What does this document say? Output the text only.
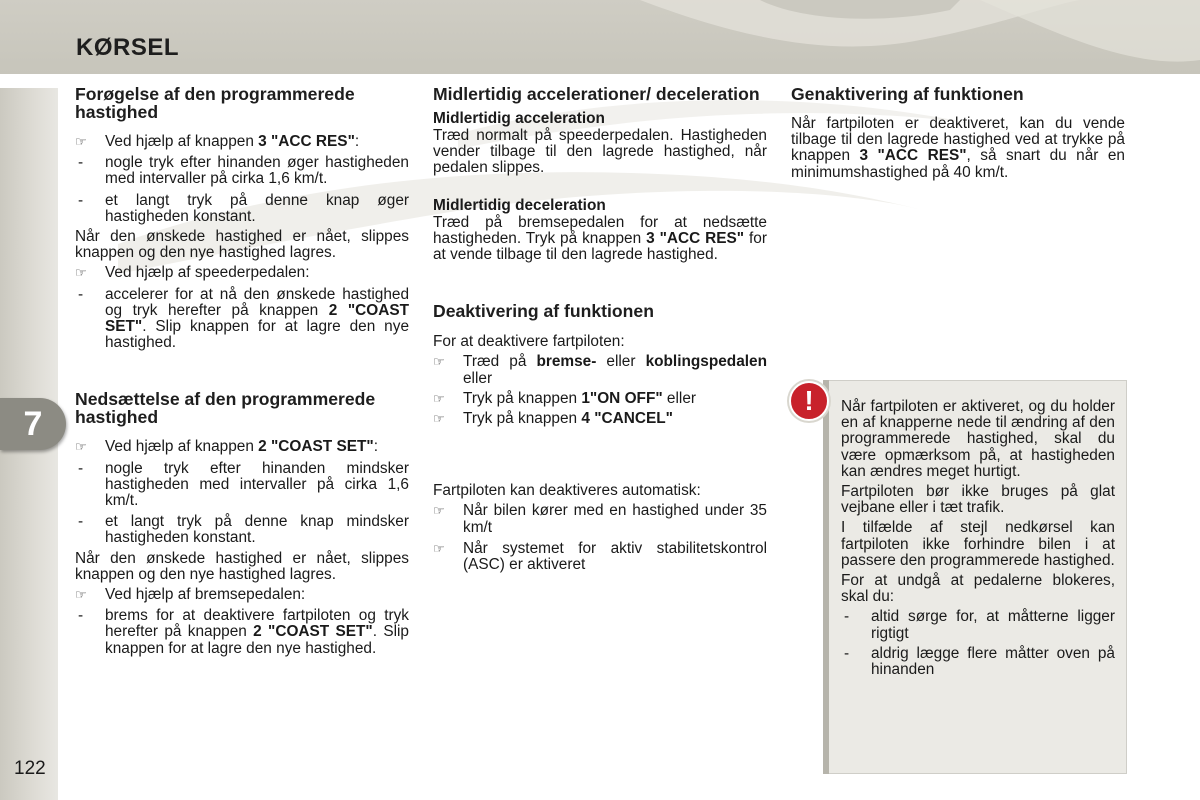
KØRSEL
7
122
Forøgelse af den programmerede hastighed

☞ Ved hjælp af knappen 3 "ACC RES":

- nogle tryk efter hinanden øger hastigheden med intervaller på cirka 1,6 km/t.

- et langt tryk på denne knap øger hastigheden konstant.

Når den ønskede hastighed er nået, slippes knappen og den nye hastighed lagres.

☞ Ved hjælp af speederpedalen:

- accelerer for at nå den ønskede hastighed og tryk herefter på knappen 2 "COAST SET". Slip knappen for at lagre den nye hastighed.

Nedsættelse af den programmerede hastighed

☞ Ved hjælp af knappen 2 "COAST SET":

- nogle tryk efter hinanden mindsker hastigheden med intervaller på cirka 1,6 km/t.

- et langt tryk på denne knap mindsker hastigheden konstant.

Når den ønskede hastighed er nået, slippes knappen og den nye hastighed lagres.

☞ Ved hjælp af bremsepedalen:

- brems for at deaktivere fartpiloten og tryk herefter på knappen 2 "COAST SET". Slip knappen for at lagre den nye hastighed.

Midlertidig accelerationer/ deceleration
Midlertidig acceleration

Træd normalt på speederpedalen. Hastigheden vender tilbage til den lagrede hastighed, når pedalen slippes.

Midlertidig deceleration

Træd på bremsepedalen for at nedsætte hastigheden. Tryk på knappen 3 "ACC RES" for at vende tilbage til den lagrede hastighed.

Deaktivering af funktionen

For at deaktivere fartpiloten:

☞ Træd på bremse- eller koblingspedalen eller

☞ Tryk på knappen 1"ON OFF" eller

☞ Tryk på knappen 4 "CANCEL"

Fartpiloten kan deaktiveres automatisk:

☞ Når bilen kører med en hastighed under 35 km/t

☞ Når systemet for aktiv stabilitetskontrol (ASC) er aktiveret

Genaktivering af funktionen

Når fartpiloten er deaktiveret, kan du vende tilbage til den lagrede hastighed ved at trykke på knappen 3 "ACC RES", så snart du når en minimumshastighed på 40 km/t.

!	Når fartpiloten er aktiveret, og du holder en af knapperne nede til ændring af den programmerede hastighed, skal du være opmærksom på, at hastigheden kan ændres meget hurtigt.

Fartpiloten bør ikke bruges på glat vejbane eller i tæt trafik.

I tilfælde af stejl nedkørsel kan fartpiloten ikke forhindre bilen i at passere den programmerede hastighed.

For at undgå at pedalerne blokeres, skal du:

- altid sørge for, at måtterne ligger rigtigt

- aldrig lægge flere måtter oven på hinanden
